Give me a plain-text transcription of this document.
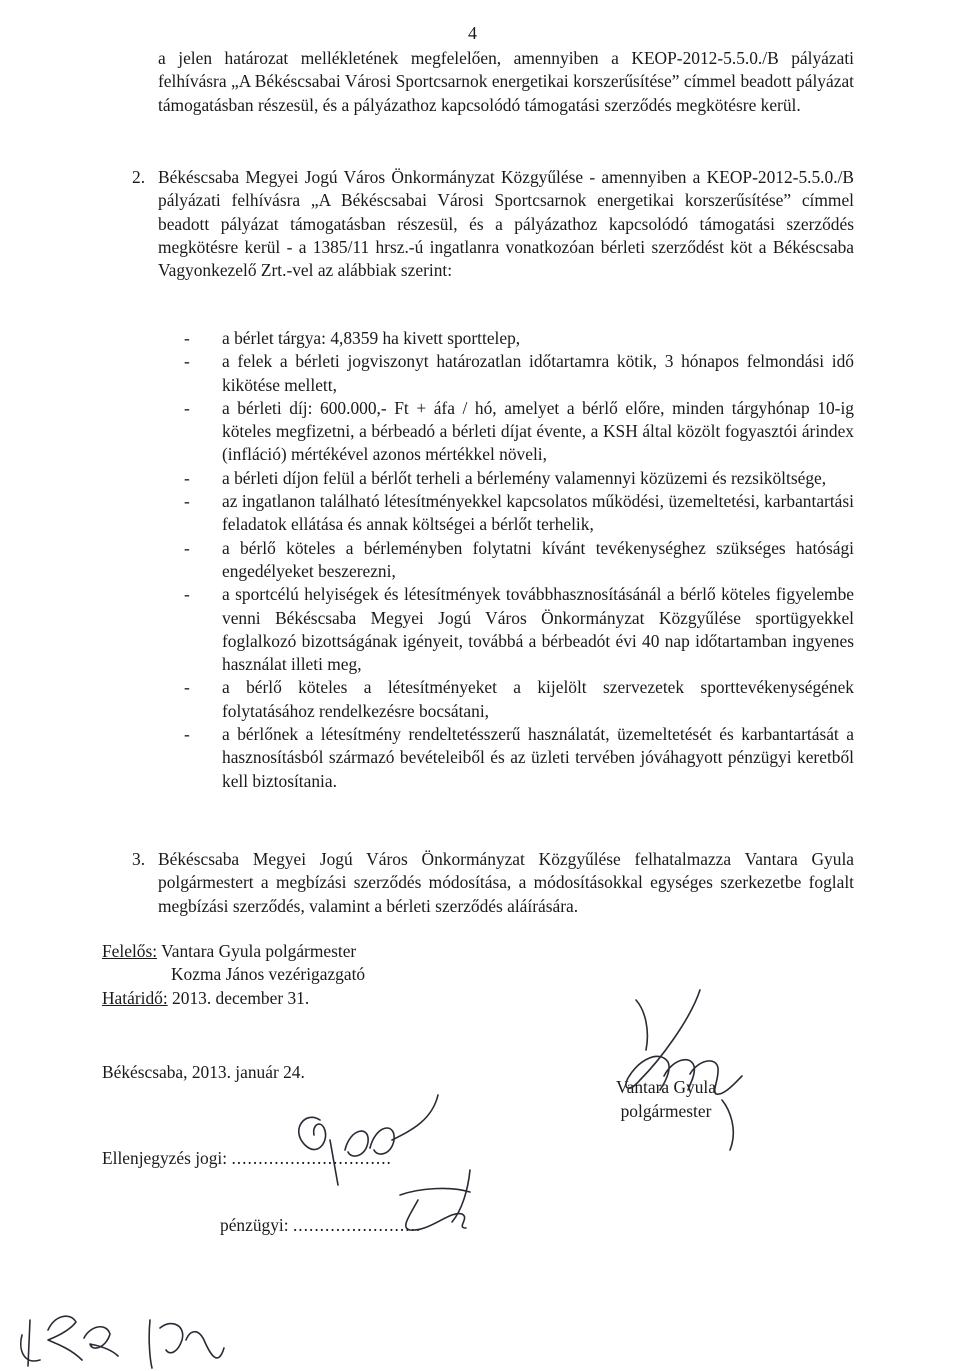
4
a jelen határozat mellékletének megfelelően, amennyiben a KEOP-2012-5.5.0./B pályázati felhívásra „A Békéscsabai Városi Sportcsarnok energetikai korszerűsítése” címmel beadott pályázat támogatásban részesül, és a pályázathoz kapcsolódó támogatási szerződés megkötésre kerül.
2. Békéscsaba Megyei Jogú Város Önkormányzat Közgyűlése - amennyiben a KEOP-2012-5.5.0./B pályázati felhívásra „A Békéscsabai Városi Sportcsarnok energetikai korszerűsítése” címmel beadott pályázat támogatásban részesül, és a pályázathoz kapcsolódó támogatási szerződés megkötésre kerül - a 1385/11 hrsz.-ú ingatlanra vonatkozóan bérleti szerződést köt a Békéscsaba Vagyonkezelő Zrt.-vel az alábbiak szerint:
- a bérlet tárgya: 4,8359 ha kivett sporttelep,
- a felek a bérleti jogviszonyt határozatlan időtartamra kötik, 3 hónapos felmondási idő kikötése mellett,
- a bérleti díj: 600.000,- Ft + áfa / hó, amelyet a bérlő előre, minden tárgyhónap 10-ig köteles megfizetni, a bérbeadó a bérleti díjat évente, a KSH által közölt fogyasztói árindex (infláció) mértékével azonos mértékkel növeli,
- a bérleti díjon felül a bérlőt terheli a bérlemény valamennyi közüzemi és rezsiköltsége,
- az ingatlanon található létesítményekkel kapcsolatos működési, üzemeltetési, karbantartási feladatok ellátása és annak költségei a bérlőt terhelik,
- a bérlő köteles a bérleményben folytatni kívánt tevékenységhez szükséges hatósági engedélyeket beszerezni,
- a sportcélú helyiségek és létesítmények továbbhasznosításánál a bérlő köteles figyelembe venni Békéscsaba Megyei Jogú Város Önkormányzat Közgyűlése sportügyekkel foglalkozó bizottságának igényeit, továbbá a bérbeadót évi 40 nap időtartamban ingyenes használat illeti meg,
- a bérlő köteles a létesítményeket a kijelölt szervezetek sporttevékenységének folytatásához rendelkezésre bocsátani,
- a bérlőnek a létesítmény rendeltetésszerű használatát, üzemeltetését és karbantartását a hasznosításból származó bevételeiből és az üzleti tervében jóváhagyott pénzügyi keretből kell biztosítania.
3. Békéscsaba Megyei Jogú Város Önkormányzat Közgyűlése felhatalmazza Vantara Gyula polgármestert a megbízási szerződés módosítása, a módosításokkal egységes szerkezetbe foglalt megbízási szerződés, valamint a bérleti szerződés aláírására.
Felelős: Vantara Gyula polgármester
Kozma János vezérigazgató
Határidő: 2013. december 31.
Békéscsaba, 2013. január 24.
Vantara Gyula
polgármester
Ellenjegyzés jogi: ..............................
pénzügyi: ........................
